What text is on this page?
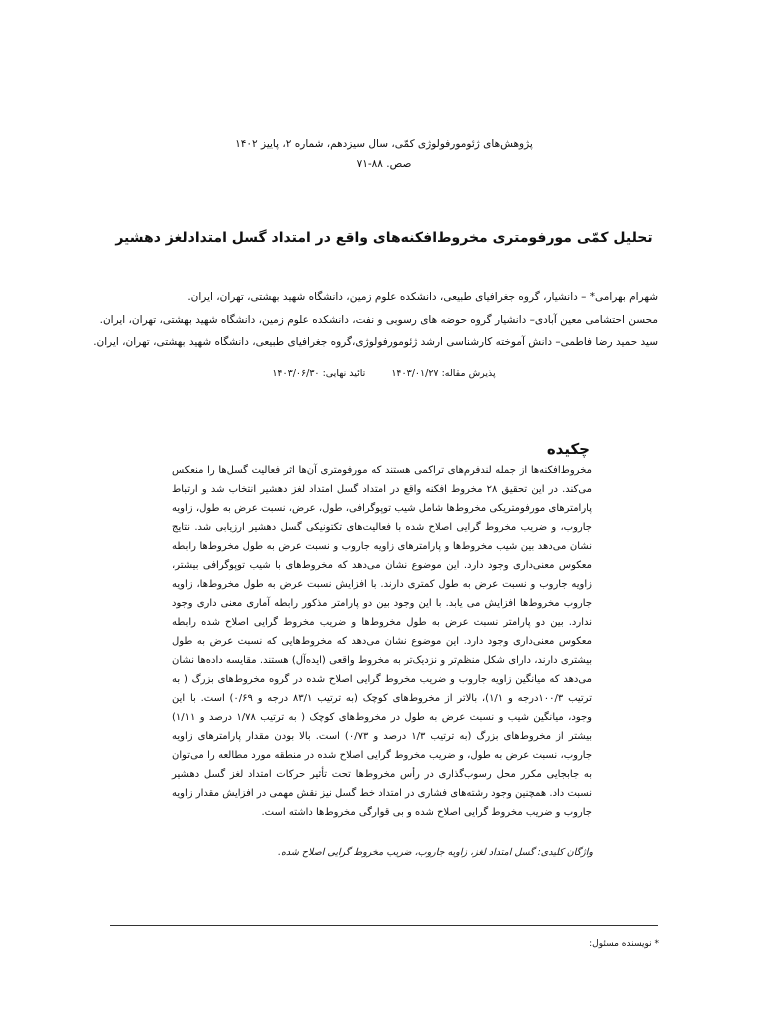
پژوهش‌های ژئومورفولوژی کمّی، سال سیزدهم، شماره ۲، پاییز ۱۴۰۲
صص. ۸۸-۷۱
تحلیل کمّی مورفومتری مخروط‌افکنه‌های واقع در امتداد گسل امتدادلغز دهشیر
شهرام بهرامی* – دانشیار، گروه جغرافیای طبیعی، دانشکده علوم زمین، دانشگاه شهید بهشتی، تهران، ایران.
محسن احتشامی معین آبادی– دانشیار گروه حوضه های رسوبی و نفت، دانشکده علوم زمین، دانشگاه شهید بهشتی، تهران، ایران.
سید حمید رضا فاطمی– دانش آموخته کارشناسی ارشد ژئومورفولوژی،گروه جغرافیای طبیعی، دانشگاه شهید بهشتی، تهران، ایران.
پذیرش مقاله: ۱۴۰۳/۰۱/۲۷تائید نهایی: ۱۴۰۳/۰۶/۳۰
چکیده
مخروط‌افکنه‌ها از جمله لندفرم‌های تراکمی هستند که مورفومتری آن‌ها اثر فعالیت گسل‌ها را منعکس می‌کند. در این تحقیق ۲۸ مخروط افکنه واقع در امتداد گسل امتداد لغز دهشیر انتخاب شد و ارتباط پارامترهای مورفومتریکی مخروط‌ها شامل شیب توپوگرافی، طول، عرض، نسبت عرض به طول، زاویه جاروب، و ضریب مخروط گرایی اصلاح شده با فعالیت‌های تکتونیکی گسل دهشیر ارزیابی شد. نتایج نشان می‌دهد بین شیب مخروط‌ها و پارامترهای زاویه جاروب و نسبت عرض به طول مخروط‌ها رابطه معکوس معنی‌داری وجود دارد. این موضوع نشان می‌دهد که مخروط‌های با شیب توپوگرافی بیشتر، زاویه جاروب و نسبت عرض به طول کمتری دارند. با افزایش نسبت عرض به طول مخروط‌ها، زاویه جاروب مخروط‌ها افزایش می یابد. با این وجود بین دو پارامتر مذکور رابطه آماری معنی داری وجود ندارد. بین دو پارامتر نسبت عرض به طول مخروط‌ها و ضریب مخروط گرایی اصلاح شده رابطه معکوس معنی‌داری وجود دارد. این موضوع نشان می‌دهد که مخروط‌هایی که نسبت عرض به طول بیشتری دارند، دارای شکل منظم‌تر و نزدیک‌تر به مخروط واقعی (ایده‌آل) هستند. مقایسه داده‌ها نشان می‌دهد که میانگین زاویه جاروب و ضریب مخروط گرایی اصلاح شده در گروه مخروط‌های بزرگ ( به ترتیب ۱۰۰/۳درجه و ۱/۱)، بالاتر از مخروط‌های کوچک (به ترتیب ۸۳/۱ درجه و ۰/۶۹) است. با این وجود، میانگین شیب و نسبت عرض به طول در مخروط‌های کوچک ( به ترتیب ۱/۷۸ درصد و ۱/۱۱) بیشتر از مخروط‌های بزرگ (به ترتیب ۱/۳ درصد و ۰/۷۳) است. بالا بودن مقدار پارامترهای زاویه جاروب، نسبت عرض به طول، و ضریب مخروط گرایی اصلاح شده در منطقه مورد مطالعه را می‌توان به جابجایی مکرر محل رسوب‌گذاری در رأس مخروط‌ها تحت تأثیر حرکات امتداد لغز گسل دهشیر نسبت داد. همچنین وجود رشته‌های فشاری در امتداد خط گسل نیز نقش مهمی در افزایش مقدار زاویه جاروب و ضریب مخروط گرایی اصلاح شده و بی قوارگی مخروط‌ها داشته است.
واژگان کلیدی: گسل امتداد لغز، زاویه جاروب، ضریب مخروط گرایی اصلاح شده.
* نویسنده مسئول:
